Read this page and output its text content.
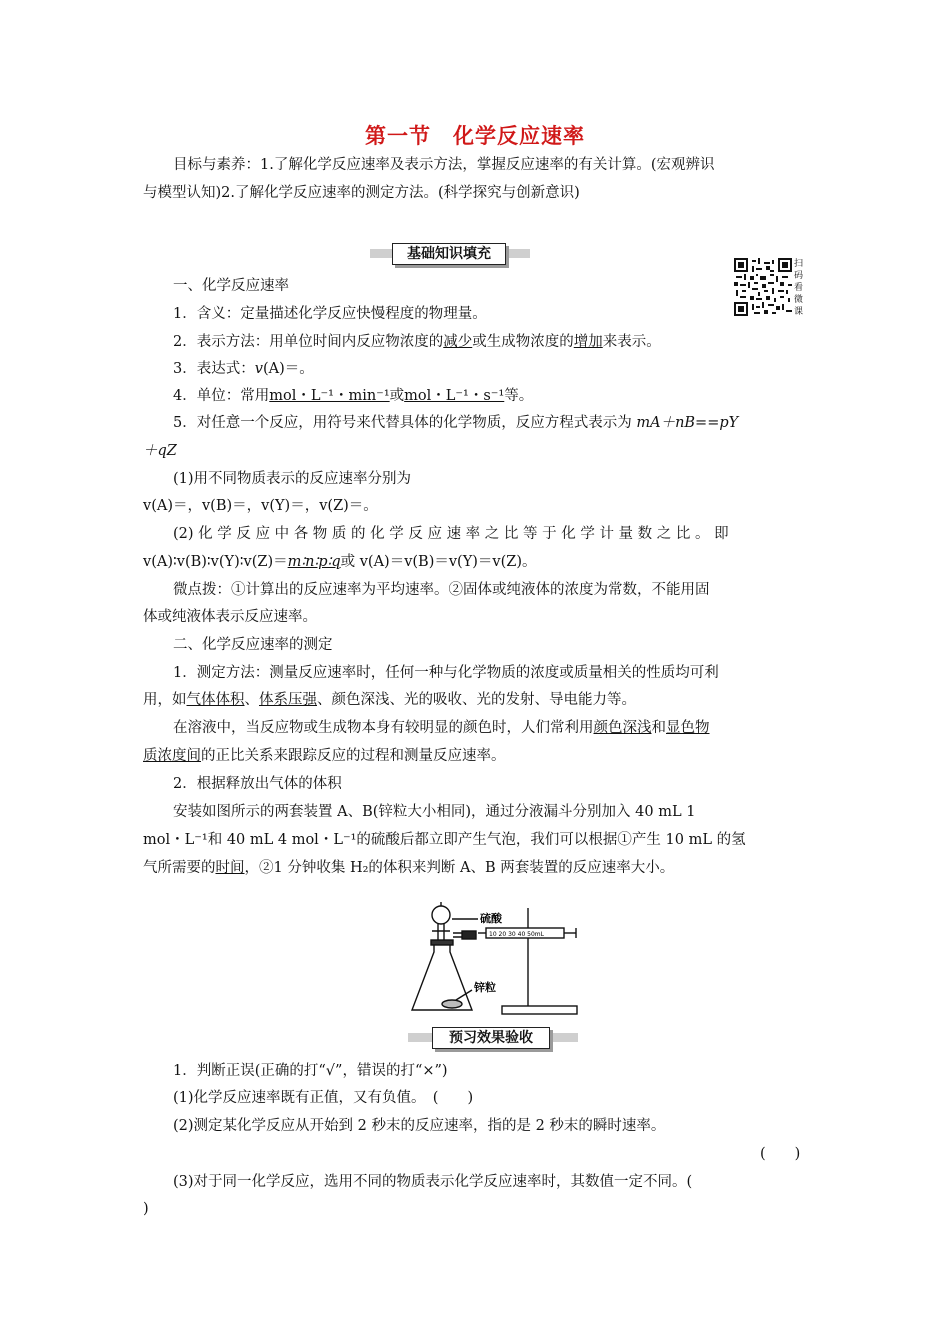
第一节　化学反应速率
目标与素养：1.了解化学反应速率及表示方法，掌握反应速率的有关计算。(宏观辨识
与模型认知)2.了解化学反应速率的测定方法。(科学探究与创新意识)
基础知识填充
扫
码
看
微
课
一、化学反应速率
1．含义：定量描述化学反应快慢程度的物理量。
2．表示方法：用单位时间内反应物浓度的减少或生成物浓度的增加来表示。
3．表达式：v(A)＝。
4．单位：常用mol・L⁻¹・min⁻¹或mol・L⁻¹・s⁻¹等。
5．对任意一个反应，用符号来代替具体的化学物质，反应方程式表示为 mA＋nB==pY
＋qZ
(1)用不同物质表示的反应速率分别为
v(A)＝，v(B)＝，v(Y)＝，v(Z)＝。
(2) 化 学 反 应 中 各 物 质 的 化 学 反 应 速 率 之 比 等 于 化 学 计 量 数 之 比 。 即
v(A)∶v(B)∶v(Y)∶v(Z)＝m∶n∶p∶q或 v(A)＝v(B)＝v(Y)＝v(Z)。
微点拨：①计算出的反应速率为平均速率。②固体或纯液体的浓度为常数，不能用固
体或纯液体表示反应速率。
二、化学反应速率的测定
1．测定方法：测量反应速率时，任何一种与化学物质的浓度或质量相关的性质均可利
用，如气体体积、体系压强、颜色深浅、光的吸收、光的发射、导电能力等。
在溶液中，当反应物或生成物本身有较明显的颜色时，人们常利用颜色深浅和显色物
质浓度间的正比关系来跟踪反应的过程和测量反应速率。
2．根据释放出气体的体积
安装如图所示的两套装置 A、B(锌粒大小相同)，通过分液漏斗分别加入 40 mL 1
mol・L⁻¹和 40 mL 4 mol・L⁻¹的硫酸后都立即产生气泡，我们可以根据①产生 10 mL 的氢
气所需要的时间，②1 分钟收集 H₂的体积来判断 A、B 两套装置的反应速率大小。
硫酸
锌粒
10 20 30 40 50mL
预习效果验收
1．判断正误(正确的打“√”，错误的打“×”)
(1)化学反应速率既有正值，又有负值。　(　　)
(2)测定某化学反应从开始到 2 秒末的反应速率，指的是 2 秒末的瞬时速率。
(　　)
(3)对于同一化学反应，选用不同的物质表示化学反应速率时，其数值一定不同。(
)
